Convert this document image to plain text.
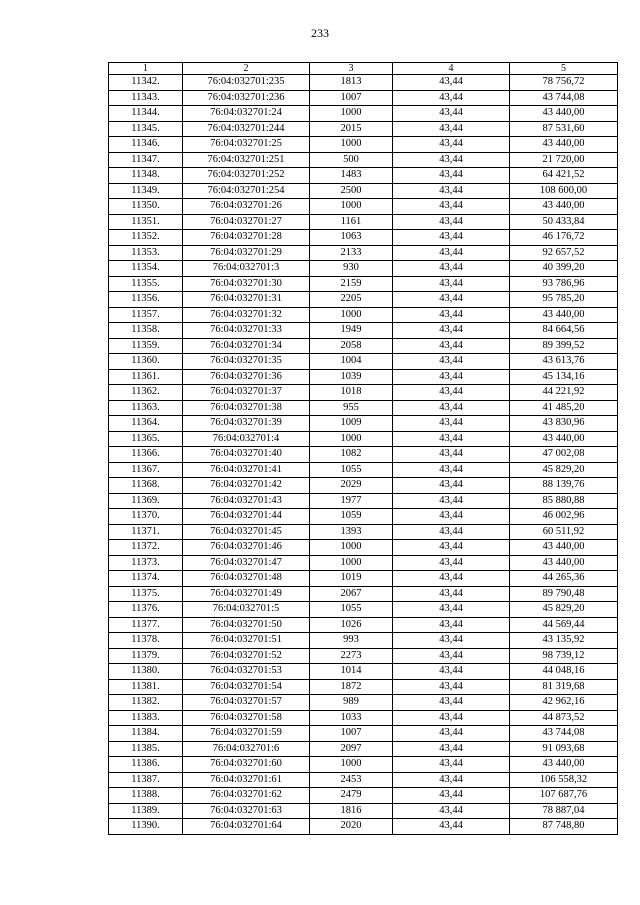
233
1	2	3	4	5
11342.	76:04:032701:235	1813	43,44	78 756,72
11343.	76:04:032701:236	1007	43,44	43 744,08
11344.	76:04:032701:24	1000	43,44	43 440,00
11345.	76:04:032701:244	2015	43,44	87 531,60
11346.	76:04:032701:25	1000	43,44	43 440,00
11347.	76:04:032701:251	500	43,44	21 720,00
11348.	76:04:032701:252	1483	43,44	64 421,52
11349.	76:04:032701:254	2500	43,44	108 600,00
11350.	76:04:032701:26	1000	43,44	43 440,00
11351.	76:04:032701:27	1161	43,44	50 433,84
11352.	76:04:032701:28	1063	43,44	46 176,72
11353.	76:04:032701:29	2133	43,44	92 657,52
11354.	76:04:032701:3	930	43,44	40 399,20
11355.	76:04:032701:30	2159	43,44	93 786,96
11356.	76:04:032701:31	2205	43,44	95 785,20
11357.	76:04:032701:32	1000	43,44	43 440,00
11358.	76:04:032701:33	1949	43,44	84 664,56
11359.	76:04:032701:34	2058	43,44	89 399,52
11360.	76:04:032701:35	1004	43,44	43 613,76
11361.	76:04:032701:36	1039	43,44	45 134,16
11362.	76:04:032701:37	1018	43,44	44 221,92
11363.	76:04:032701:38	955	43,44	41 485,20
11364.	76:04:032701:39	1009	43,44	43 830,96
11365.	76:04:032701:4	1000	43,44	43 440,00
11366.	76:04:032701:40	1082	43,44	47 002,08
11367.	76:04:032701:41	1055	43,44	45 829,20
11368.	76:04:032701:42	2029	43,44	88 139,76
11369.	76:04:032701:43	1977	43,44	85 880,88
11370.	76:04:032701:44	1059	43,44	46 002,96
11371.	76:04:032701:45	1393	43,44	60 511,92
11372.	76:04:032701:46	1000	43,44	43 440,00
11373.	76:04:032701:47	1000	43,44	43 440,00
11374.	76:04:032701:48	1019	43,44	44 265,36
11375.	76:04:032701:49	2067	43,44	89 790,48
11376.	76:04:032701:5	1055	43,44	45 829,20
11377.	76:04:032701:50	1026	43,44	44 569,44
11378.	76:04:032701:51	993	43,44	43 135,92
11379.	76:04:032701:52	2273	43,44	98 739,12
11380.	76:04:032701:53	1014	43,44	44 048,16
11381.	76:04:032701:54	1872	43,44	81 319,68
11382.	76:04:032701:57	989	43,44	42 962,16
11383.	76:04:032701:58	1033	43,44	44 873,52
11384.	76:04:032701:59	1007	43,44	43 744,08
11385.	76:04:032701:6	2097	43,44	91 093,68
11386.	76:04:032701:60	1000	43,44	43 440,00
11387.	76:04:032701:61	2453	43,44	106 558,32
11388.	76:04:032701:62	2479	43,44	107 687,76
11389.	76:04:032701:63	1816	43,44	78 887,04
11390.	76:04:032701:64	2020	43,44	87 748,80
